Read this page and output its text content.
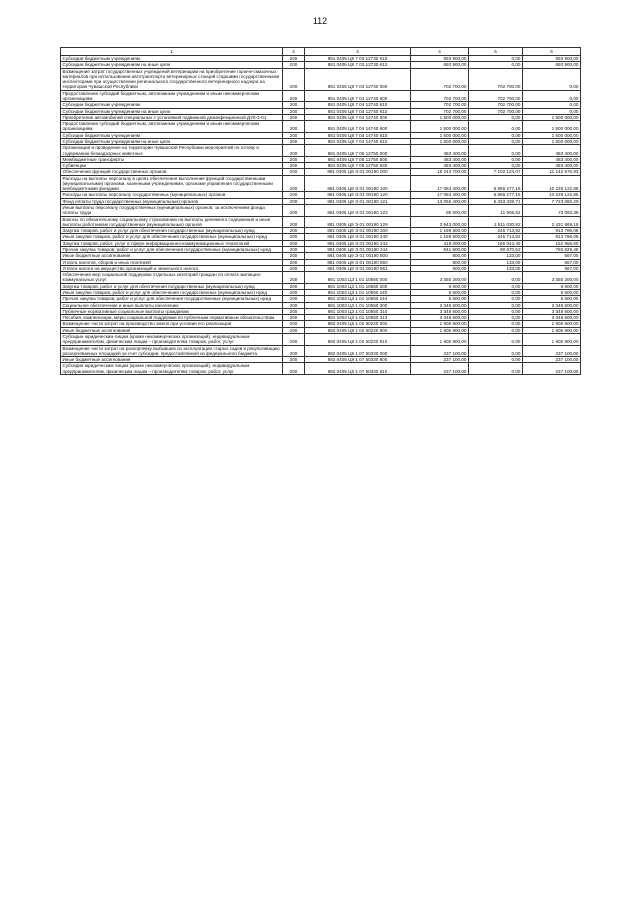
112
1	2	3	4	5	6
Субсидии бюджетным учреждениям	200	881 0405 Ц9 7 03 12730 610	693 900,00	0,00	693 900,00
Субсидии бюджетным учреждениям на иные цели	200	881 0405 Ц9 7 03 12730 612	693 900,00	0,00	693 900,00
Возмещение затрат государственных учреждений ветеринарии на приобретение горюче-смазочных материалов при использовании автотранспорта ветеринарных станций старшими государственными инспекторами при осуществлении регионального государственного ветеринарного надзора на территории Чувашской Республики	200	881 0405 Ц9 7 04 12740 000	702 700,00	702 700,00	0,00
Предоставление субсидий бюджетным, автономным учреждениям и иным некоммерческим организациям	200	881 0405 Ц9 7 04 12740 600	702 700,00	702 700,00	0,00
Субсидии бюджетным учреждениям	200	881 0405 Ц9 7 04 12740 610	702 700,00	702 700,00	0,00
Субсидии бюджетным учреждениям на иные цели	200	881 0405 Ц9 7 04 12740 612	702 700,00	702 700,00	0,00
Приобретение автомобилей специальных с установкой подвижной дезинфекционной ДУК-1-01	200	881 0405 Ц9 7 04 14740 000	1 500 000,00	0,00	1 500 000,00
Предоставление субсидий бюджетным, автономным учреждениям и иным некоммерческим организациям	200	881 0405 Ц9 7 04 14740 600	1 500 000,00	0,00	1 500 000,00
Субсидии бюджетным учреждениям	200	881 0405 Ц9 7 04 14740 610	1 500 000,00	0,00	1 500 000,00
Субсидии бюджетным учреждениям на иные цели	200	881 0405 Ц9 7 04 14740 612	1 500 000,00	0,00	1 500 000,00
Организация и проведение на территории Чувашской Республики мероприятий по отлову и содержанию безнадзорных животных	200	881 0405 Ц9 7 05 12750 000	483 400,00	0,00	483 400,00
Межбюджетные трансферты	200	881 0405 Ц9 7 05 12750 500	483 400,00	0,00	483 400,00
Субвенции	200	881 0405 Ц9 7 05 12750 530	483 400,00	0,00	483 400,00
Обеспечение функций государственных органов	200	881 0405 Ц9 Э 01 00190 000	18 244 700,00	7 102 124,07	11 142 575,93
Расходы на выплаты персоналу в целях обеспечения выполнения функций государственными (муниципальными) органами, казенными учреждениями, органами управления государственными внебюджетными фондами	200	881 0405 Ц9 Э 01 00190 100	17 084 400,00	6 856 277,15	10 228 122,85
Расходы на выплаты персоналу государственных (муниципальных) органов	200	881 0405 Ц9 Э 01 00190 120	17 084 400,00	6 856 277,15	10 228 122,85
Фонд оплаты труда государственных (муниципальных) органов	200	881 0405 Ц9 Э 01 00190 121	13 056 400,00	5 333 339,71	7 723 060,29
Иные выплаты персоналу государственных (муниципальных) органов, за исключением фонда оплаты труда	200	881 0405 Ц9 Э 01 00190 122	85 000,00	11 906,62	73 093,38
Взносы по обязательному социальному страхованию на выплаты денежного содержания и иные выплаты работникам государственных (муниципальных) органов	200	881 0405 Ц9 Э 01 00190 129	3 943 000,00	1 511 030,82	2 431 969,18
Закупка товаров, работ и услуг для обеспечения государственных (муниципальных) нужд	200	881 0405 Ц9 Э 01 00190 200	1 159 500,00	245 713,92	913 786,08
Иные закупки товаров, работ и услуг для обеспечения государственных (муниципальных) нужд	200	881 0405 Ц9 Э 01 00190 240	1 159 500,00	245 713,92	913 786,08
Закупка товаров, работ, услуг в сфере информационно-коммуникационных технологий	200	881 0405 Ц9 Э 01 00190 242	318 000,00	165 043,40	152 956,60
Прочая закупка товаров, работ и услуг для обеспечения государственных (муниципальных) нужд	200	881 0405 Ц9 Э 01 00190 244	841 500,00	80 670,52	760 829,48
Иные бюджетные ассигнования	200	881 0405 Ц9 Э 01 00190 800	800,00	133,00	667,00
Уплата налогов, сборов и иных платежей	200	881 0405 Ц9 Э 01 00190 850	800,00	133,00	667,00
Уплата налога на имущество организаций и земельного налога	200	881 0405 Ц9 Э 01 00190 851	800,00	133,00	667,00
Обеспечение мер социальной поддержки отдельных категорий граждан по оплате жилищно-коммунальных услуг	200	881 1003 Ц3 1 01 10550 000	3 355 200,00	0,00	3 355 200,00
Закупка товаров, работ и услуг для обеспечения государственных (муниципальных) нужд	200	881 1003 Ц3 1 01 10550 200	6 600,00	0,00	6 600,00
Иные закупки товаров, работ и услуг для обеспечения государственных (муниципальных) нужд	200	881 1003 Ц3 1 01 10550 240	6 600,00	0,00	6 600,00
Прочая закупка товаров, работ и услуг для обеспечения государственных (муниципальных) нужд	200	881 1003 Ц3 1 01 10550 244	6 600,00	0,00	6 600,00
Социальное обеспечение и иные выплаты населению	200	881 1003 Ц3 1 01 10550 300	3 348 600,00	0,00	3 348 600,00
Публичные нормативные социальные выплаты гражданам	200	881 1003 Ц3 1 01 10550 310	3 348 600,00	0,00	3 348 600,00
Пособия, компенсации, меры социальной поддержки по публичным нормативным обязательствам	200	881 1003 Ц3 1 01 10550 313	3 348 600,00	0,00	3 348 600,00
Возмещение части затрат на производство хмеля при условии его реализации	200	882 0405 Ц9 1 02 60220 000	1 606 900,00	0,00	1 606 900,00
Иные бюджетные ассигнования	200	882 0405 Ц9 1 02 60220 800	1 606 900,00	0,00	1 606 900,00
Субсидии юридическим лицам (кроме некоммерческих организаций), индивидуальным предпринимателям, физическим лицам – производителям товаров, работ, услуг	200	882 0405 Ц9 1 02 60220 810	1 606 900,00	0,00	1 606 900,00
Возмещение части затрат на раскорчевку выбывших из эксплуатации старых садов и рекультивацию раскорчеванных площадей за счет субсидии, предоставляемой из федерального бюджета	200	882 0405 Ц9 1 07 50330 000	237 100,00	0,00	237 100,00
Иные бюджетные ассигнования	200	882 0405 Ц9 1 07 50330 800	237 100,00	0,00	237 100,00
Субсидии юридическим лицам (кроме некоммерческих организаций), индивидуальным предпринимателям, физическим лицам – производителям товаров, работ, услуг	200	882 0405 Ц9 1 07 50330 810	237 100,00	0,00	237 100,00
